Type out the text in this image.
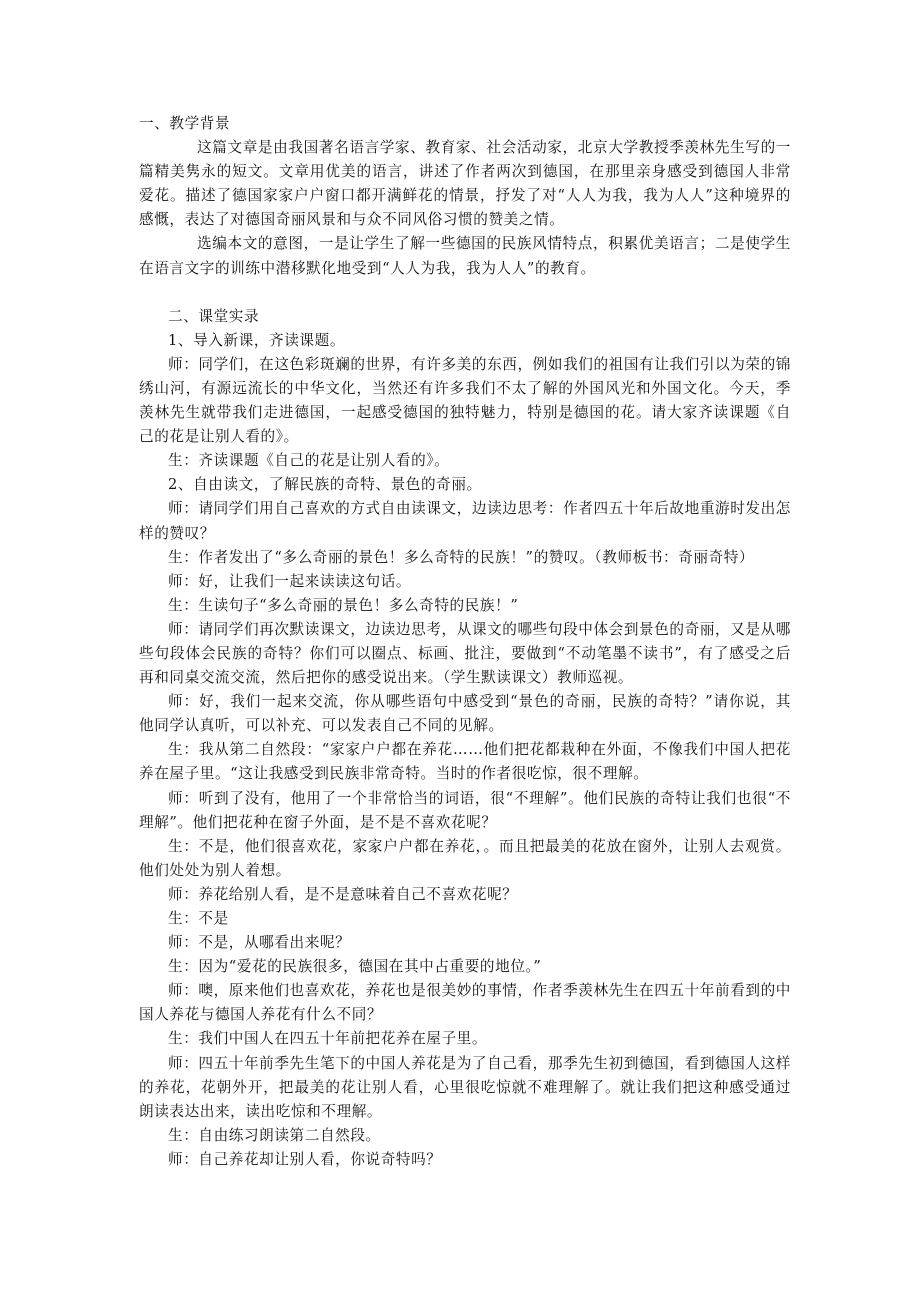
一、教学背景

这篇文章是由我国著名语言学家、教育家、社会活动家，北京大学教授季羡林先生写的一篇精美隽永的短文。文章用优美的语言，讲述了作者两次到德国，在那里亲身感受到德国人非常爱花。描述了德国家家户户窗口都开满鲜花的情景，抒发了对“人人为我，我为人人”这种境界的感慨，表达了对德国奇丽风景和与众不同风俗习惯的赞美之情。

选编本文的意图，一是让学生了解一些德国的民族风情特点，积累优美语言；二是使学生在语言文字的训练中潜移默化地受到“人人为我，我为人人”的教育。

二、课堂实录

1、导入新课，齐读课题。

师：同学们，在这色彩斑斓的世界，有许多美的东西，例如我们的祖国有让我们引以为荣的锦绣山河，有源远流长的中华文化，当然还有许多我们不太了解的外国风光和外国文化。今天，季羡林先生就带我们走进德国，一起感受德国的独特魅力，特别是德国的花。请大家齐读课题《自己的花是让别人看的》。

生：齐读课题《自己的花是让别人看的》。

2、自由读文，了解民族的奇特、景色的奇丽。

师：请同学们用自己喜欢的方式自由读课文，边读边思考：作者四五十年后故地重游时发出怎样的赞叹？

生：作者发出了“多么奇丽的景色！多么奇特的民族！”的赞叹。（教师板书：奇丽奇特）

师：好，让我们一起来读读这句话。

生：生读句子“多么奇丽的景色！多么奇特的民族！”

师：请同学们再次默读课文，边读边思考，从课文的哪些句段中体会到景色的奇丽，又是从哪些句段体会民族的奇特？你们可以圈点、标画、批注，要做到“不动笔墨不读书”，有了感受之后再和同桌交流交流，然后把你的感受说出来。（学生默读课文）教师巡视。

师：好，我们一起来交流，你从哪些语句中感受到“景色的奇丽，民族的奇特？”请你说，其他同学认真听，可以补充、可以发表自己不同的见解。

生：我从第二自然段：“家家户户都在养花……他们把花都栽种在外面，不像我们中国人把花养在屋子里。“这让我感受到民族非常奇特。当时的作者很吃惊，很不理解。

师：听到了没有，他用了一个非常恰当的词语，很“不理解”。他们民族的奇特让我们也很“不理解”。他们把花种在窗子外面，是不是不喜欢花呢？

生：不是，他们很喜欢花，家家户户都在养花，。而且把最美的花放在窗外，让别人去观赏。他们处处为别人着想。

师：养花给别人看，是不是意味着自己不喜欢花呢？

生：不是

师：不是，从哪看出来呢？

生：因为“爱花的民族很多，德国在其中占重要的地位。”

师：噢，原来他们也喜欢花，养花也是很美妙的事情，作者季羡林先生在四五十年前看到的中国人养花与德国人养花有什么不同？

生：我们中国人在四五十年前把花养在屋子里。

师：四五十年前季先生笔下的中国人养花是为了自己看，那季先生初到德国，看到德国人这样的养花，花朝外开，把最美的花让别人看，心里很吃惊就不难理解了。就让我们把这种感受通过朗读表达出来，读出吃惊和不理解。

生：自由练习朗读第二自然段。

师：自己养花却让别人看，你说奇特吗？
